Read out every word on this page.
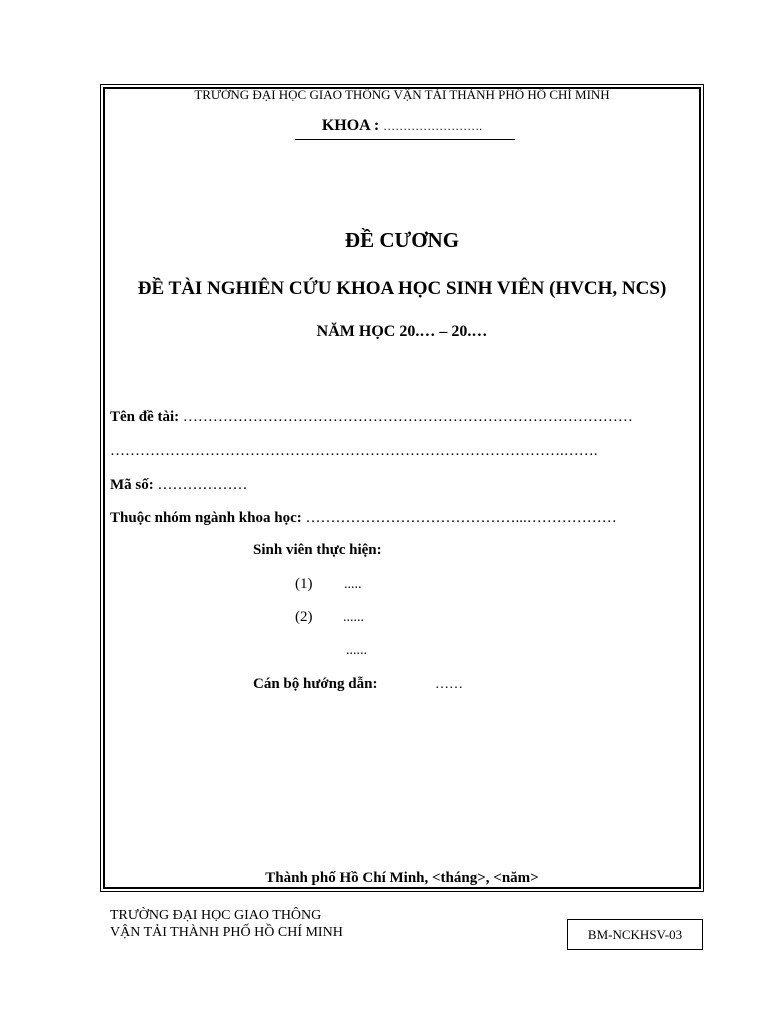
TRƯỜNG ĐẠI HỌC GIAO THÔNG VẬN TẢI THÀNH PHỐ HỒ CHÍ MINH
KHOA : …………………….
ĐỀ CƯƠNG
ĐỀ TÀI NGHIÊN CỨU KHOA HỌC SINH VIÊN (HVCH, NCS)
NĂM HỌC 20.… – 20.…
Tên đề tài: ………………………………………………………………………………
……………………………………………………………………………….…….
Mã số: ………………
Thuộc nhóm ngành khoa học: ……………………………………...………………
Sinh viên thực hiện:
(1) .....
(2) ......
......
Cán bộ hướng dẫn:	……
Thành phố Hồ Chí Minh, <tháng>, <năm>
TRƯỜNG ĐẠI HỌC GIAO THÔNG
VẬN TẢI THÀNH PHỐ HỒ CHÍ MINH	BM-NCKHSV-03
